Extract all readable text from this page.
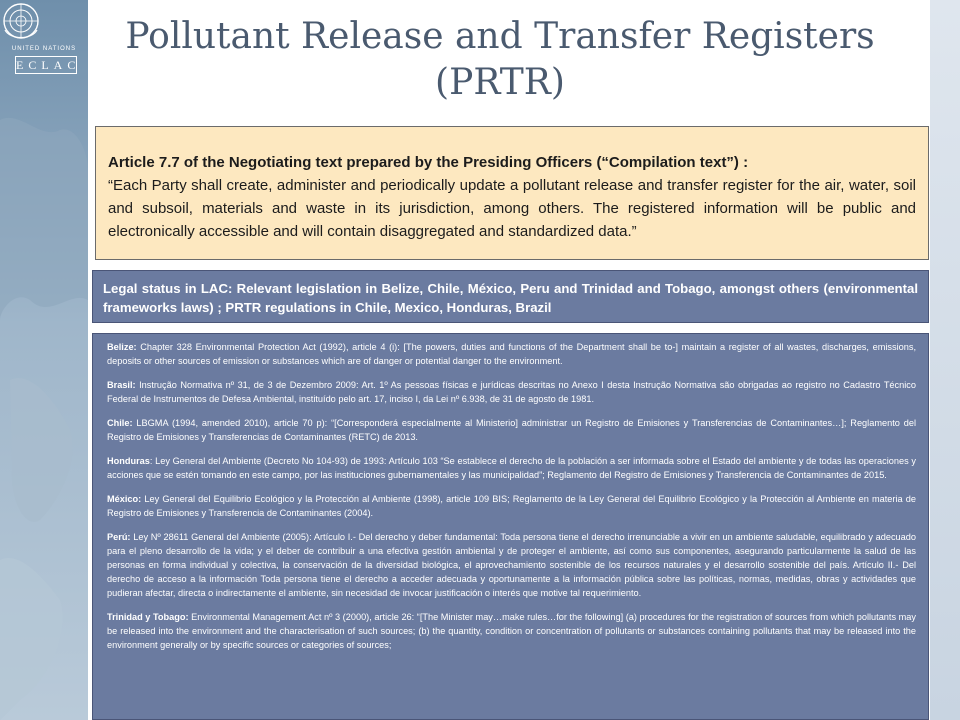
UNITED NATIONS
ECLAC
Pollutant Release and Transfer Registers
(PRTR)
Article 7.7 of the Negotiating text prepared by the Presiding Officers (“Compilation text”) :
“Each Party shall create, administer and periodically update a pollutant release and transfer register for the air, water, soil and subsoil, materials and waste in its jurisdiction, among others. The registered information will be public and electronically accessible and will contain disaggregated and standardized data.”
Legal status in LAC: Relevant legislation in Belize, Chile, México, Peru and Trinidad and Tobago, amongst others (environmental frameworks laws) ; PRTR regulations in Chile, Mexico, Honduras, Brazil
Belize: Chapter 328 Environmental Protection Act (1992), article 4 (i): [The powers, duties and functions of the Department shall be to-] maintain a register of all wastes, discharges, emissions, deposits or other sources of emission or substances which are of danger or potential danger to the environment.
Brasil: Instrução Normativa nº 31, de 3 de Dezembro 2009: Art. 1º As pessoas físicas e jurídicas descritas no Anexo I desta Instrução Normativa são obrigadas ao registro no Cadastro Técnico Federal de Instrumentos de Defesa Ambiental, instituído pelo art. 17, inciso I, da Lei nº 6.938, de 31 de agosto de 1981.
Chile: LBGMA (1994, amended 2010), article 70 p): “[Corresponderá especialmente al Ministerio] administrar un Registro de Emisiones y Transferencias de Contaminantes…]; Reglamento del Registro de Emisiones y Transferencias de Contaminantes (RETC) de 2013.
Honduras: Ley General del Ambiente (Decreto No 104-93) de 1993: Artículo 103 “Se establece el derecho de la población a ser informada sobre el Estado del ambiente y de todas las operaciones y acciones que se estén tomando en este campo, por las instituciones gubernamentales y las municipalidad”; Reglamento del Registro de Emisiones y Transferencia de Contaminantes de 2015.
México: Ley General del Equilibrio Ecológico y la Protección al Ambiente (1998), article 109 BIS; Reglamento de la Ley General del Equilibrio Ecológico y la Protección al Ambiente en materia de Registro de Emisiones y Transferencia de Contaminantes (2004).
Perú: Ley Nº 28611 General del Ambiente (2005): Artículo I.- Del derecho y deber fundamental: Toda persona tiene el derecho irrenunciable a vivir en un ambiente saludable, equilibrado y adecuado para el pleno desarrollo de la vida; y el deber de contribuir a una efectiva gestión ambiental y de proteger el ambiente, así como sus componentes, asegurando particularmente la salud de las personas en forma individual y colectiva, la conservación de la diversidad biológica, el aprovechamiento sostenible de los recursos naturales y el desarrollo sostenible del país. Artículo II.- Del derecho de acceso a la información Toda persona tiene el derecho a acceder adecuada y oportunamente a la información pública sobre las políticas, normas, medidas, obras y actividades que pudieran afectar, directa o indirectamente el ambiente, sin necesidad de invocar justificación o interés que motive tal requerimiento.
Trinidad y Tobago: Environmental Management Act nº 3 (2000), article 26: “[The Minister may…make rules…for the following] (a) procedures for the registration of sources from which pollutants may be released into the environment and the characterisation of such sources; (b) the quantity, condition or concentration of pollutants or substances containing pollutants that may be released into the environment generally or by specific sources or categories of sources;
